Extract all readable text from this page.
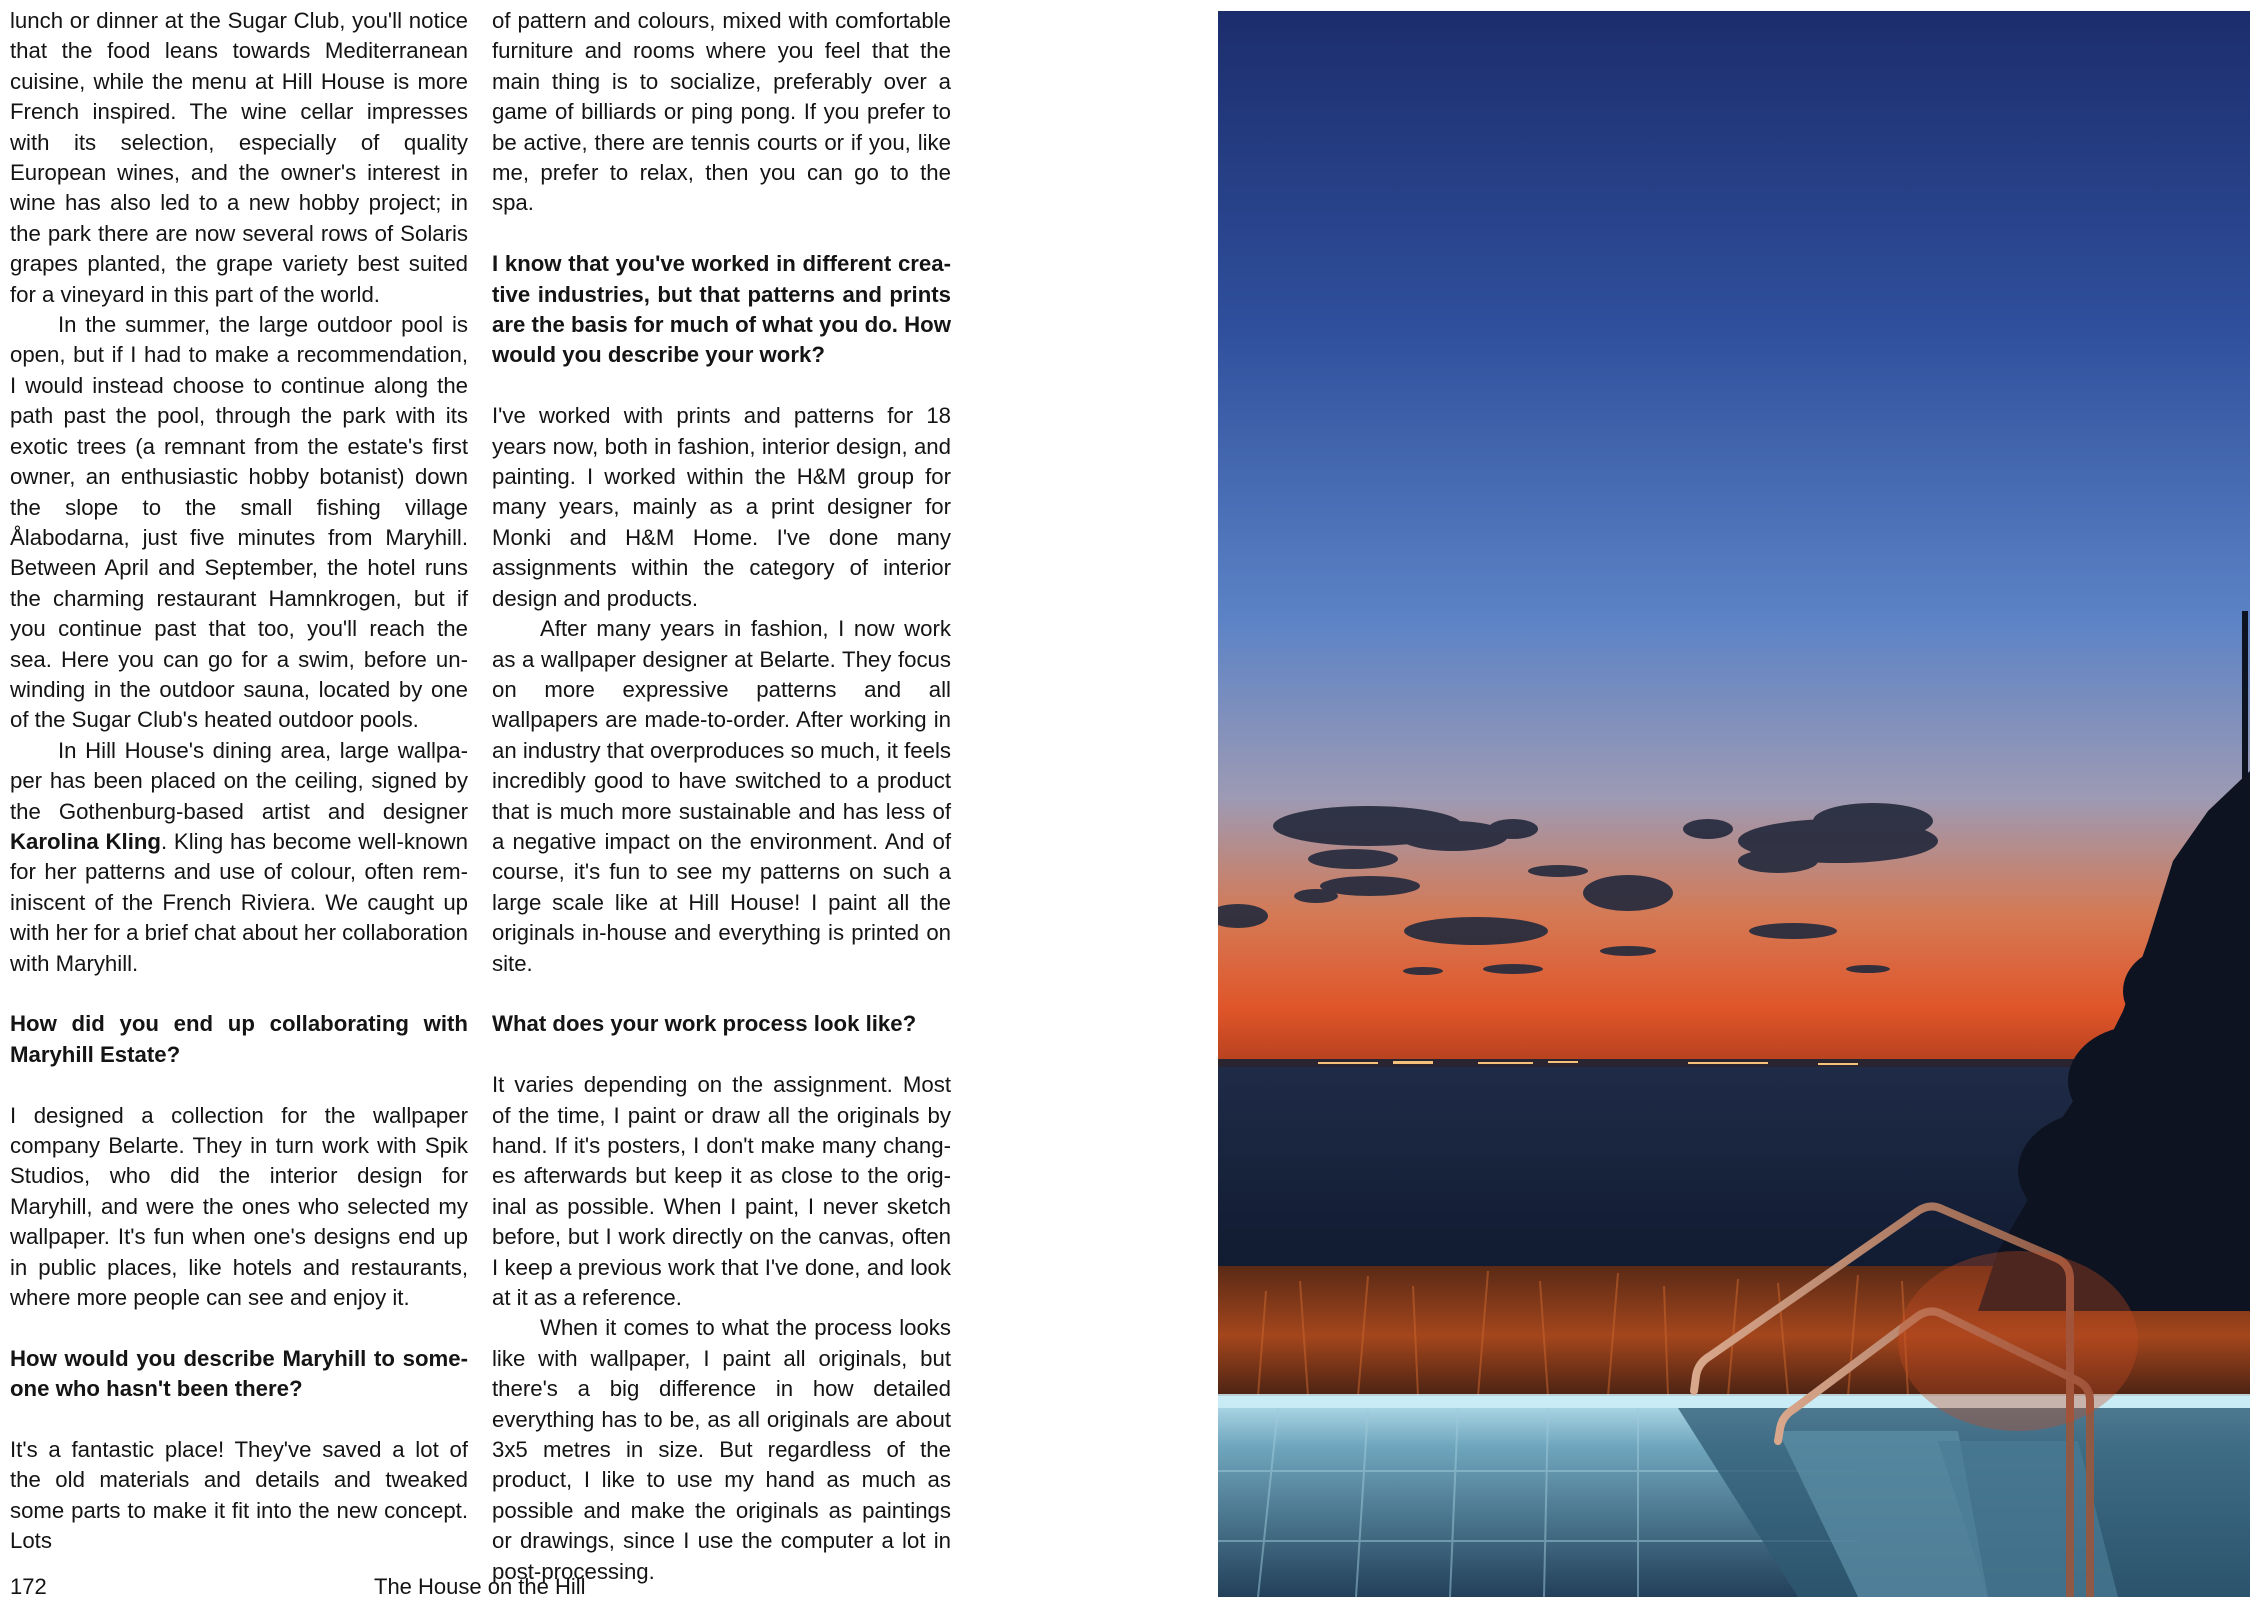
lunch or dinner at the Sugar Club, you'll notice that the food leans towards Mediterranean cuisine, while the menu at Hill House is more French inspired. The wine cellar impresses with its selection, especially of quality European wines, and the owner's interest in wine has also led to a new hobby project; in the park there are now several rows of Solaris grapes planted, the grape variety best suited for a vineyard in this part of the world.

In the summer, the large outdoor pool is open, but if I had to make a recommendation, I would instead choose to continue along the path past the pool, through the park with its exotic trees (a remnant from the estate's first owner, an enthusiastic hobby botanist) down the slope to the small fishing village Ålabodarna, just five minutes from Maryhill. Between April and September, the hotel runs the charming restaurant Hamnkrogen, but if you continue past that too, you'll reach the sea. Here you can go for a swim, before unwinding in the outdoor sauna, located by one of the Sugar Club's heated outdoor pools.

In Hill House's dining area, large wallpaper has been placed on the ceiling, signed by the Gothenburg-based artist and designer Karolina Kling. Kling has become well-known for her patterns and use of colour, often reminiscent of the French Riviera. We caught up with her for a brief chat about her collaboration with Maryhill.

How did you end up collaborating with Maryhill Estate?

I designed a collection for the wallpaper company Belarte. They in turn work with Spik Studios, who did the interior design for Maryhill, and were the ones who selected my wallpaper. It's fun when one's designs end up in public places, like hotels and restaurants, where more people can see and enjoy it.

How would you describe Maryhill to someone who hasn't been there?

It's a fantastic place! They've saved a lot of the old materials and details and tweaked some parts to make it fit into the new concept. Lots

of pattern and colours, mixed with comfortable furniture and rooms where you feel that the main thing is to socialize, preferably over a game of billiards or ping pong. If you prefer to be active, there are tennis courts or if you, like me, prefer to relax, then you can go to the spa.

I know that you've worked in different creative industries, but that patterns and prints are the basis for much of what you do. How would you describe your work?

I've worked with prints and patterns for 18 years now, both in fashion, interior design, and painting. I worked within the H&M group for many years, mainly as a print designer for Monki and H&M Home. I've done many assignments within the category of interior design and products.

After many years in fashion, I now work as a wallpaper designer at Belarte. They focus on more expressive patterns and all wallpapers are made-to-order. After working in an industry that overproduces so much, it feels incredibly good to have switched to a product that is much more sustainable and has less of a negative impact on the environment. And of course, it's fun to see my patterns on such a large scale like at Hill House! I paint all the originals in-house and everything is printed on site.

What does your work process look like?

It varies depending on the assignment. Most of the time, I paint or draw all the originals by hand. If it's posters, I don't make many changes afterwards but keep it as close to the original as possible. When I paint, I never sketch before, but I work directly on the canvas, often I keep a previous work that I've done, and look at it as a reference.

When it comes to what the process looks like with wallpaper, I paint all originals, but there's a big difference in how detailed everything has to be, as all originals are about 3x5 metres in size. But regardless of the product, I like to use my hand as much as possible and make the originals as paintings or drawings, since I use the computer a lot in post-processing.

172	The House on the Hill
